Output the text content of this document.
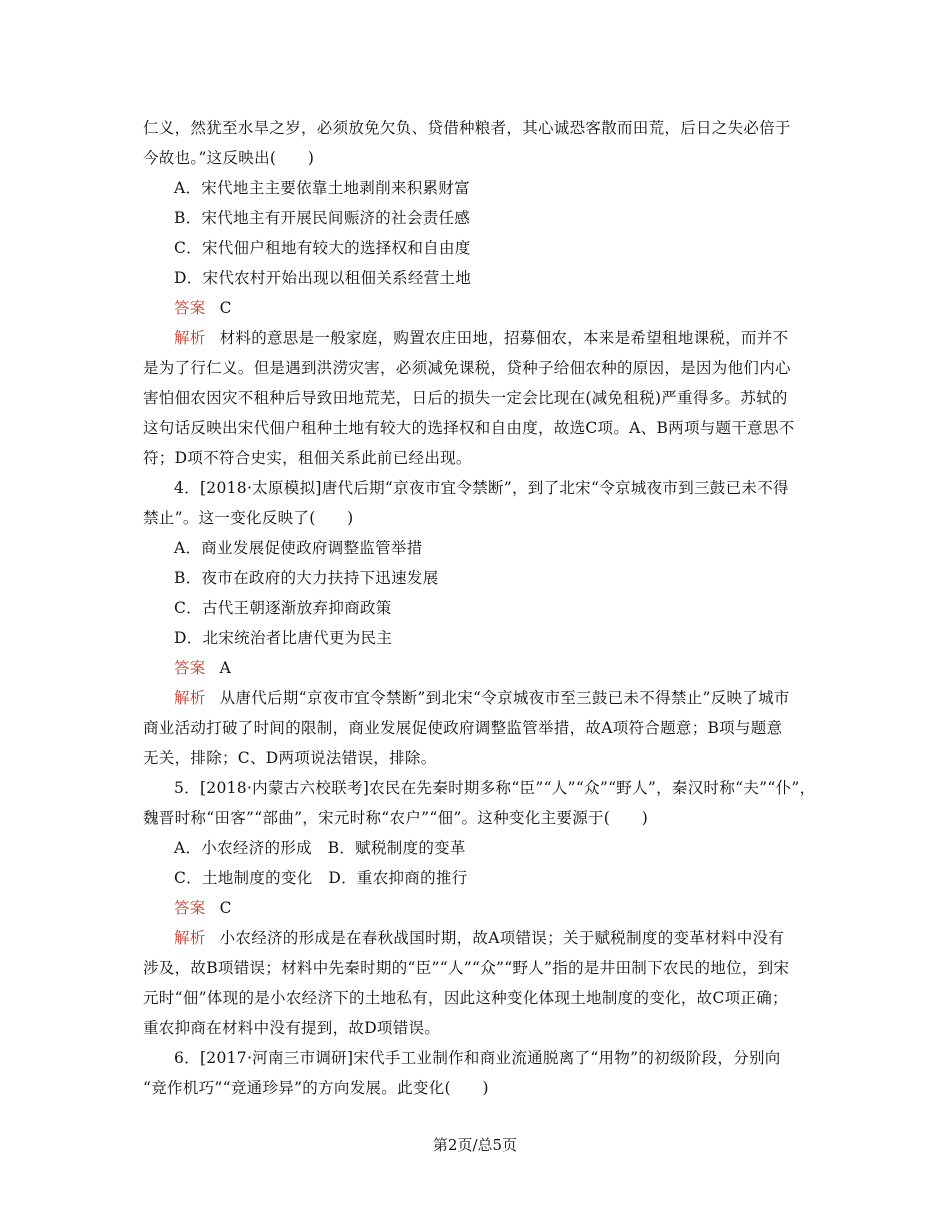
仁义，然犹至水旱之岁，必须放免欠负、贷借种粮者，其心诚恐客散而田荒，后日之失必倍于
今故也。”这反映出(　　)
A．宋代地主主要依靠土地剥削来积累财富
B．宋代地主有开展民间赈济的社会责任感
C．宋代佃户租地有较大的选择权和自由度
D．宋代农村开始出现以租佃关系经营土地
答案 C
解析 材料的意思是一般家庭，购置农庄田地，招募佃农，本来是希望租地课税，而并不
是为了行仁义。但是遇到洪涝灾害，必须减免课税，贷种子给佃农种的原因，是因为他们内心
害怕佃农因灾不租种后导致田地荒芜，日后的损失一定会比现在(减免租税)严重得多。苏轼的
这句话反映出宋代佃户租种土地有较大的选择权和自由度，故选C项。A、B两项与题干意思不
符；D项不符合史实，租佃关系此前已经出现。
4．[2018·太原模拟]唐代后期“京夜市宜令禁断”，到了北宋“令京城夜市到三鼓已未不得
禁止”。这一变化反映了(　　)
A．商业发展促使政府调整监管举措
B．夜市在政府的大力扶持下迅速发展
C．古代王朝逐渐放弃抑商政策
D．北宋统治者比唐代更为民主
答案 A
解析 从唐代后期“京夜市宜令禁断”到北宋“令京城夜市至三鼓已未不得禁止”反映了城市
商业活动打破了时间的限制，商业发展促使政府调整监管举措，故A项符合题意；B项与题意
无关，排除；C、D两项说法错误，排除。
5．[2018·内蒙古六校联考]农民在先秦时期多称“臣”“人”“众”“野人”，秦汉时称“夫”“仆”，
魏晋时称“田客”“部曲”，宋元时称“农户”“佃”。这种变化主要源于(　　)
A．小农经济的形成　B．赋税制度的变革
C．土地制度的变化　D．重农抑商的推行
答案 C
解析 小农经济的形成是在春秋战国时期，故A项错误；关于赋税制度的变革材料中没有
涉及，故B项错误；材料中先秦时期的“臣”“人”“众”“野人”指的是井田制下农民的地位，到宋
元时“佃”体现的是小农经济下的土地私有，因此这种变化体现土地制度的变化，故C项正确；
重农抑商在材料中没有提到，故D项错误。
6．[2017·河南三市调研]宋代手工业制作和商业流通脱离了“用物”的初级阶段，分别向
“竞作机巧”“竞通珍异”的方向发展。此变化(　　)
第2页/总5页
